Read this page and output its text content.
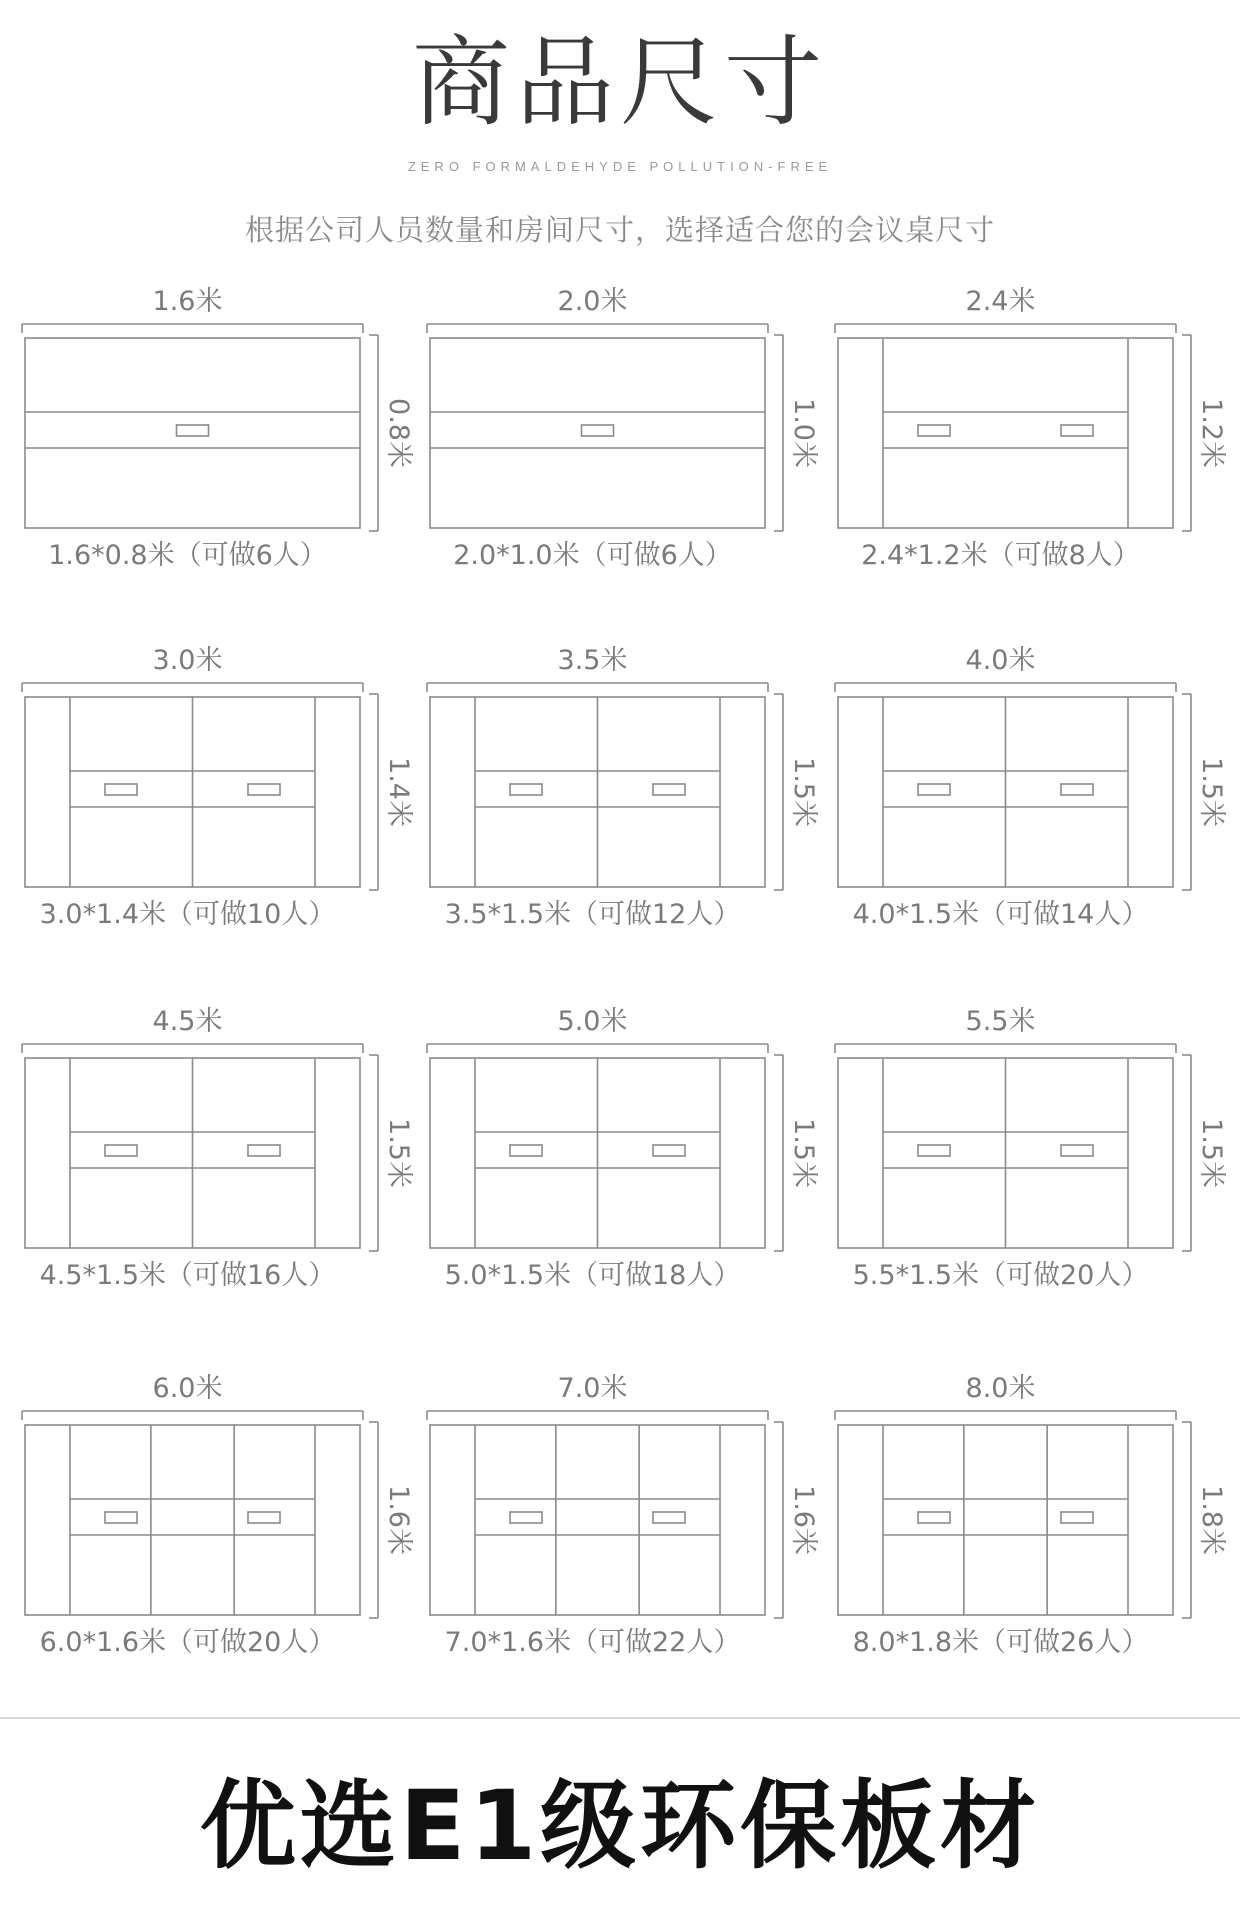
商品尺寸
ZERO FORMALDEHYDE POLLUTION-FREE
根据公司人员数量和房间尺寸，选择适合您的会议桌尺寸
1.6米
0.8米
1.6*0.8米（可做6人）
2.0米
1.0米
2.0*1.0米（可做6人）
2.4米
1.2米
2.4*1.2米（可做8人）
3.0米
1.4米
3.0*1.4米（可做10人）
3.5米
1.5米
3.5*1.5米（可做12人）
4.0米
1.5米
4.0*1.5米（可做14人）
4.5米
1.5米
4.5*1.5米（可做16人）
5.0米
1.5米
5.0*1.5米（可做18人）
5.5米
1.5米
5.5*1.5米（可做20人）
6.0米
1.6米
6.0*1.6米（可做20人）
7.0米
1.6米
7.0*1.6米（可做22人）
8.0米
1.8米
8.0*1.8米（可做26人）
优选E1级环保板材
